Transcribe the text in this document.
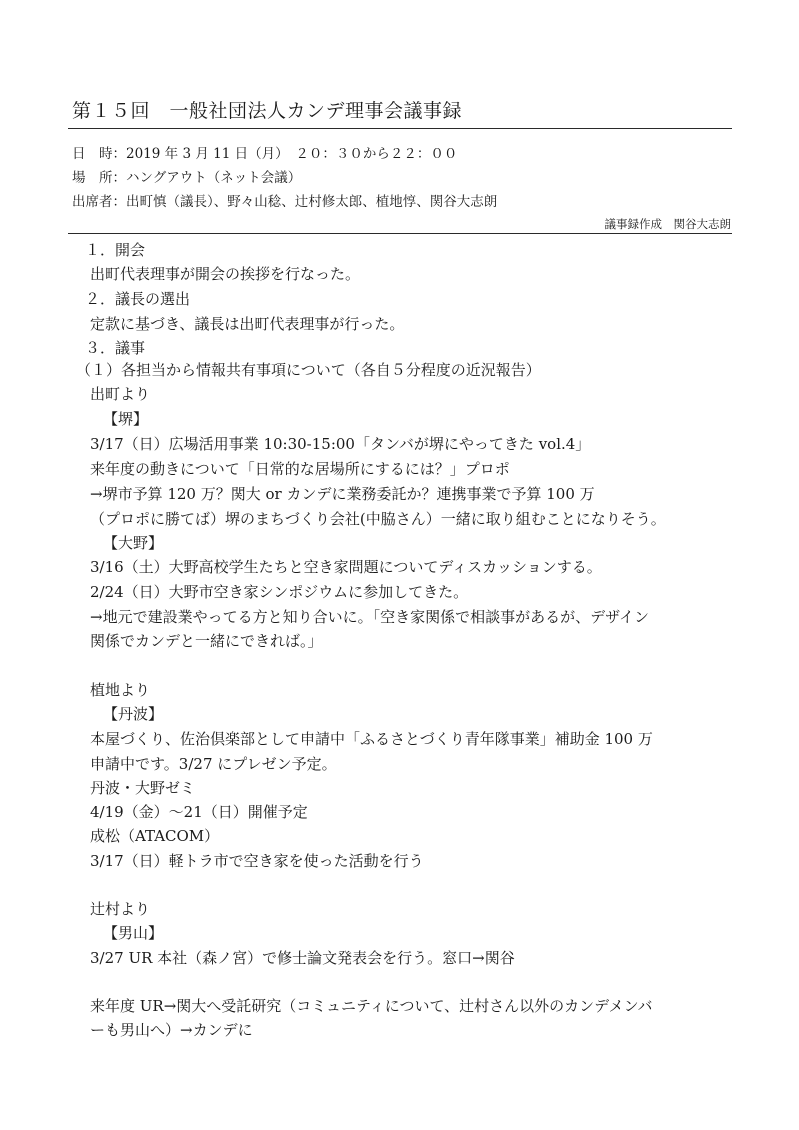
第１５回　一般社団法人カンデ理事会議事録
日　時：2019 年 3 月 11 日（月）　２０：３０から２２：００
場　所：ハングアウト（ネット会議）
出席者：出町慎（議長）、野々山稔、辻村修太郎、植地惇、関谷大志朗
議事録作成　関谷大志朗
１．開会
出町代表理事が開会の挨拶を行なった。
２．議長の選出
定款に基づき、議長は出町代表理事が行った。
３．議事
（１）各担当から情報共有事項について（各自５分程度の近況報告）
出町より
【堺】
3/17（日）広場活用事業 10:30-15:00「タンバが堺にやってきた vol.4」
来年度の動きについて「日常的な居場所にするには？」プロポ
→堺市予算 120 万？関大 or カンデに業務委託か？連携事業で予算 100 万
（プロポに勝てば）堺のまちづくり会社(中脇さん）一緒に取り組むことになりそう。
【大野】
3/16（土）大野高校学生たちと空き家問題についてディスカッションする。
2/24（日）大野市空き家シンポジウムに参加してきた。
→地元で建設業やってる方と知り合いに。「空き家関係で相談事があるが、デザイン
関係でカンデと一緒にできれば。」
植地より
【丹波】
本屋づくり、佐治倶楽部として申請中「ふるさとづくり青年隊事業」補助金 100 万
申請中です。3/27 にプレゼン予定。
丹波・大野ゼミ
4/19（金）～21（日）開催予定
成松（ATACOM）
3/17（日）軽トラ市で空き家を使った活動を行う
辻村より
【男山】
3/27 UR 本社（森ノ宮）で修士論文発表会を行う。窓口→関谷
来年度 UR→関大へ受託研究（コミュニティについて、辻村さん以外のカンデメンバ
ーも男山へ）→カンデに
